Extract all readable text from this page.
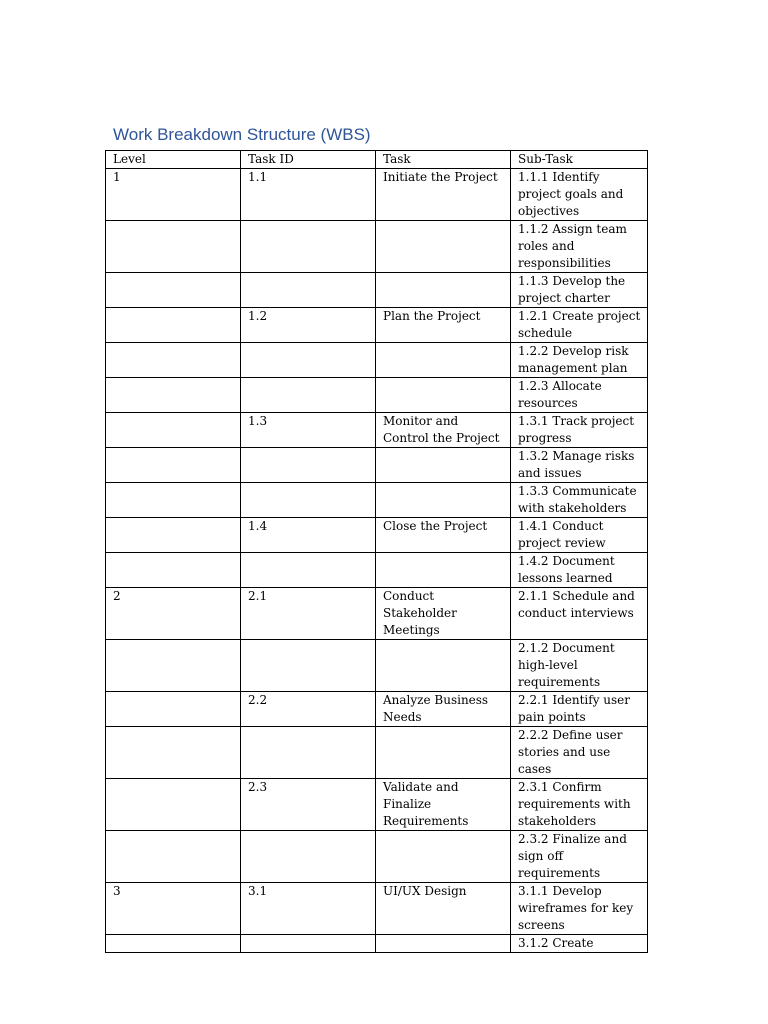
Work Breakdown Structure (WBS)
Level	Task ID	Task	Sub-Task
1	1.1	Initiate the Project	1.1.1 Identify project goals and objectives
			1.1.2 Assign team roles and responsibilities
			1.1.3 Develop the project charter
	1.2	Plan the Project	1.2.1 Create project schedule
			1.2.2 Develop risk management plan
			1.2.3 Allocate resources
	1.3	Monitor and Control the Project	1.3.1 Track project progress
			1.3.2 Manage risks and issues
			1.3.3 Communicate with stakeholders
	1.4	Close the Project	1.4.1 Conduct project review
			1.4.2 Document lessons learned
2	2.1	Conduct Stakeholder Meetings	2.1.1 Schedule and conduct interviews
			2.1.2 Document high-level requirements
	2.2	Analyze Business Needs	2.2.1 Identify user pain points
			2.2.2 Define user stories and use cases
	2.3	Validate and Finalize Requirements	2.3.1 Confirm requirements with stakeholders
			2.3.2 Finalize and sign off requirements
3	3.1	UI/UX Design	3.1.1 Develop wireframes for key screens
			3.1.2 Create
